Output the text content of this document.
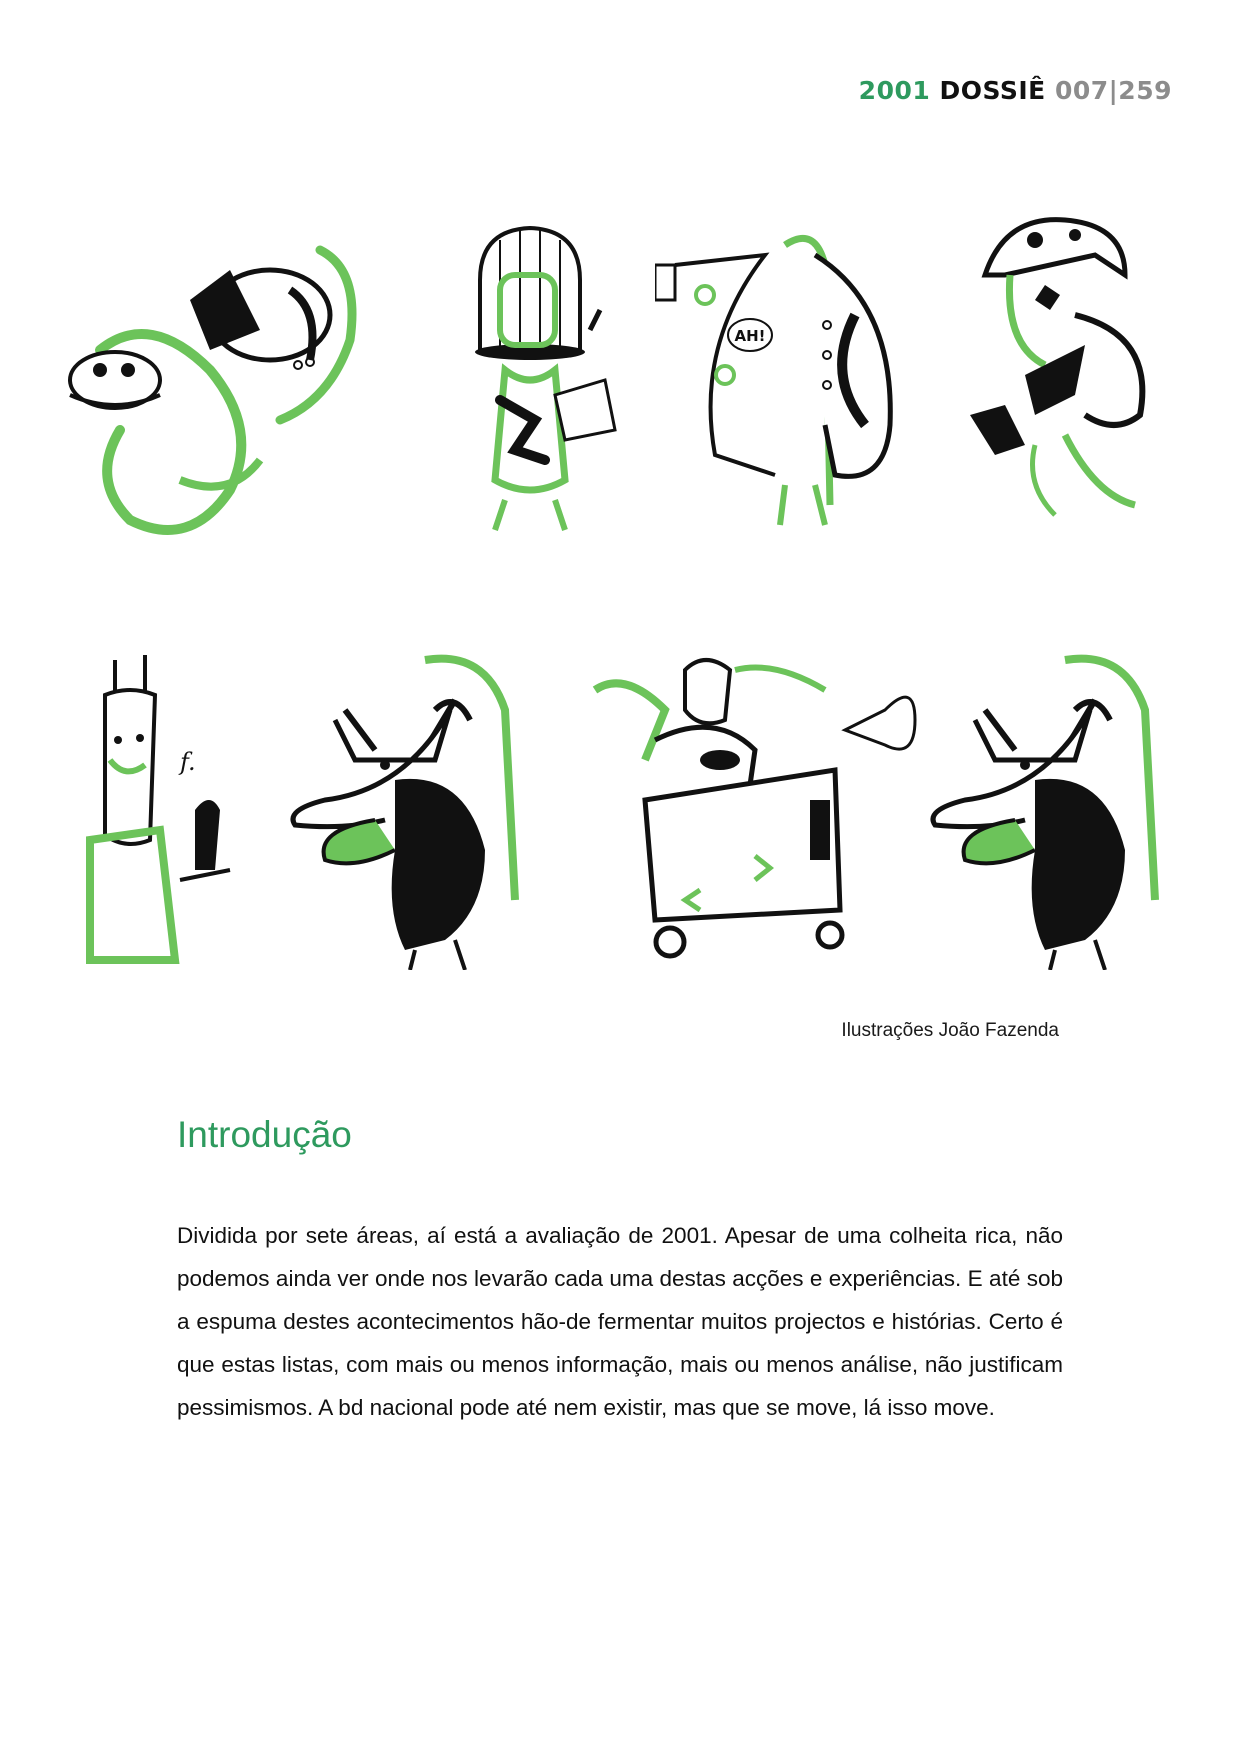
2001 DOSSIÊ 007|259
AH!
f.
Ilustrações João Fazenda
Introdução

Dividida por sete áreas, aí está a avaliação de 2001. Apesar de uma colheita rica, não podemos ainda ver onde nos levarão cada uma destas acções e experiências. E até sob a espuma destes acontecimentos hão-de fermentar muitos projectos e histórias. Certo é que estas listas, com mais ou menos informação, mais ou menos análise, não justificam pessimismos. A bd nacional pode até nem existir, mas que se move, lá isso move.
